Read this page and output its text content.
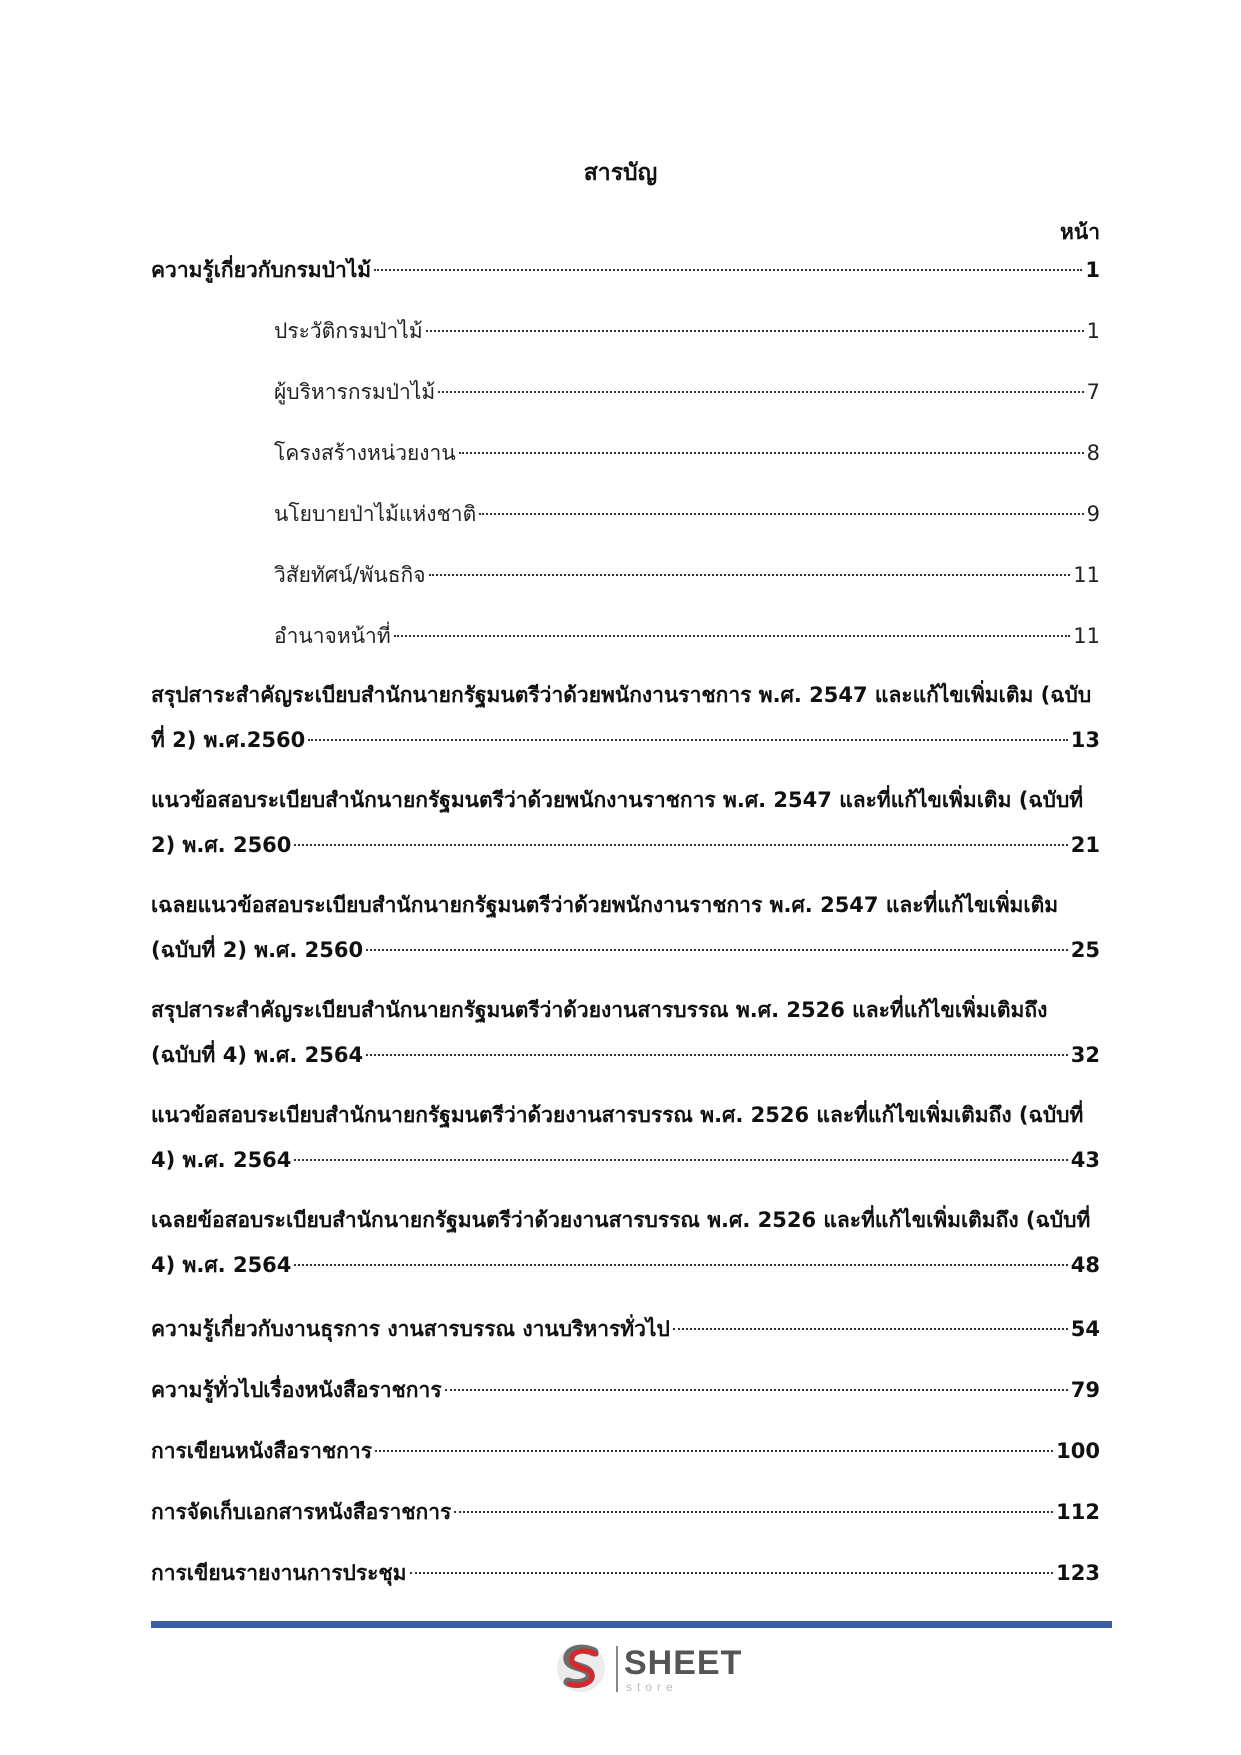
สารบัญ
หน้า
ความรู้เกี่ยวกับกรมป่าไม้	1
ประวัติกรมป่าไม้	1
ผู้บริหารกรมป่าไม้	7
โครงสร้างหน่วยงาน	8
นโยบายป่าไม้แห่งชาติ	9
วิสัยทัศน์/พันธกิจ	11
อำนาจหน้าที่	11
สรุปสาระสำคัญระเบียบสำนักนายกรัฐมนตรีว่าด้วยพนักงานราชการ พ.ศ. 2547 และแก้ไขเพิ่มเติม (ฉบับ
ที่ 2) พ.ศ.2560	13
แนวข้อสอบระเบียบสำนักนายกรัฐมนตรีว่าด้วยพนักงานราชการ พ.ศ. 2547 และที่แก้ไขเพิ่มเติม (ฉบับที่
2) พ.ศ. 2560	21
เฉลยแนวข้อสอบระเบียบสำนักนายกรัฐมนตรีว่าด้วยพนักงานราชการ พ.ศ. 2547 และที่แก้ไขเพิ่มเติม
(ฉบับที่ 2) พ.ศ. 2560	25
สรุปสาระสำคัญระเบียบสำนักนายกรัฐมนตรีว่าด้วยงานสารบรรณ พ.ศ. 2526 และที่แก้ไขเพิ่มเติมถึง
(ฉบับที่ 4) พ.ศ. 2564	32
แนวข้อสอบระเบียบสำนักนายกรัฐมนตรีว่าด้วยงานสารบรรณ พ.ศ. 2526 และที่แก้ไขเพิ่มเติมถึง (ฉบับที่
4) พ.ศ. 2564	43
เฉลยข้อสอบระเบียบสำนักนายกรัฐมนตรีว่าด้วยงานสารบรรณ พ.ศ. 2526 และที่แก้ไขเพิ่มเติมถึง (ฉบับที่
4) พ.ศ. 2564	48
ความรู้เกี่ยวกับงานธุรการ งานสารบรรณ งานบริหารทั่วไป	54
ความรู้ทั่วไปเรื่องหนังสือราชการ	79
การเขียนหนังสือราชการ	100
การจัดเก็บเอกสารหนังสือราชการ	112
การเขียนรายงานการประชุม	123
SHEET
store
